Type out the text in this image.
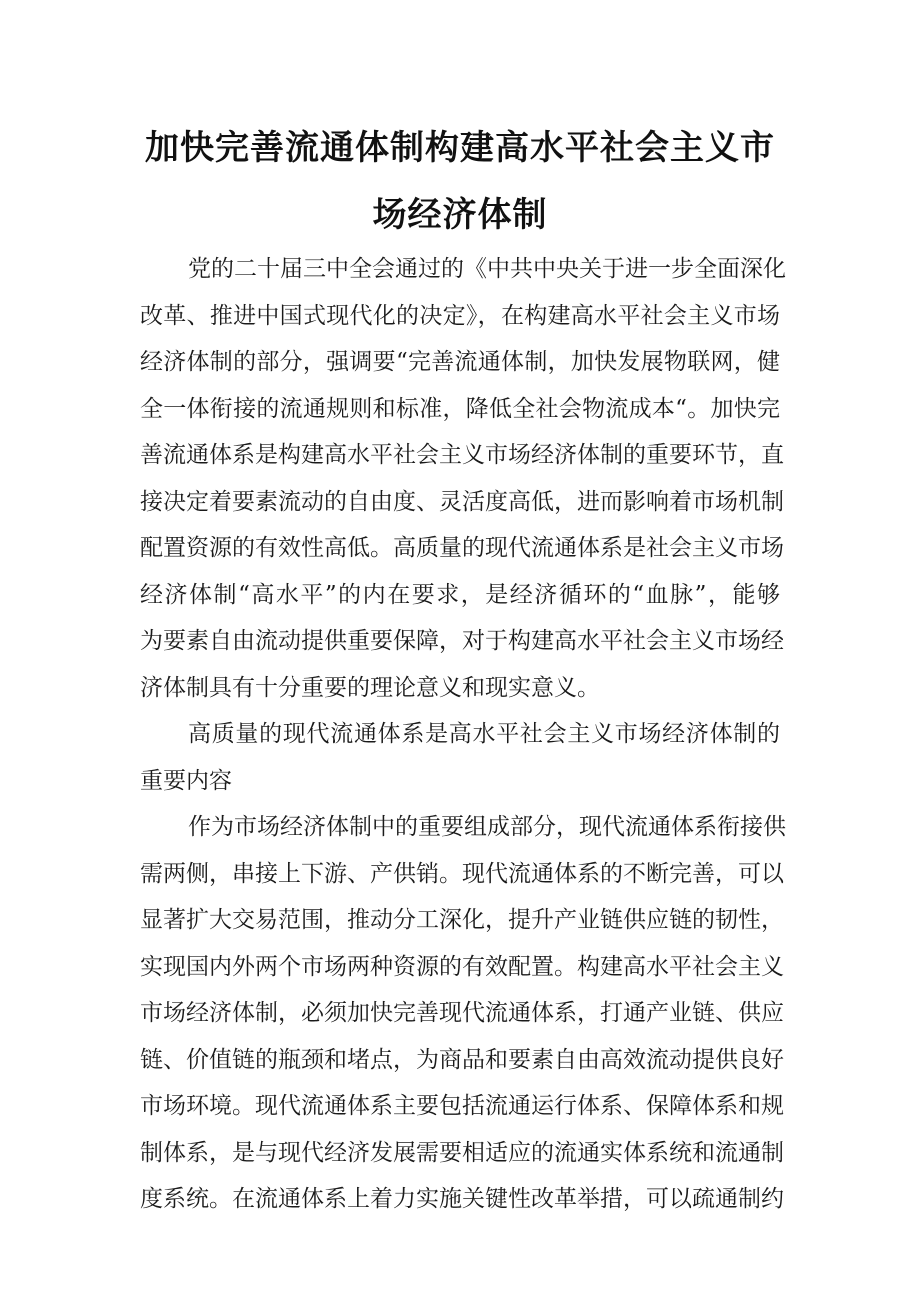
加快完善流通体制构建高水平社会主义市
场经济体制
党的二十届三中全会通过的《中共中央关于进一步全面深化
改革、推进中国式现代化的决定》，在构建高水平社会主义市场
经济体制的部分，强调要“完善流通体制，加快发展物联网，健
全一体衔接的流通规则和标准，降低全社会物流成本“。加快完
善流通体系是构建高水平社会主义市场经济体制的重要环节，直
接决定着要素流动的自由度、灵活度高低，进而影响着市场机制
配置资源的有效性高低。高质量的现代流通体系是社会主义市场
经济体制“高水平”的内在要求，是经济循环的“血脉”，能够
为要素自由流动提供重要保障，对于构建高水平社会主义市场经
济体制具有十分重要的理论意义和现实意义。
高质量的现代流通体系是高水平社会主义市场经济体制的
重要内容
作为市场经济体制中的重要组成部分，现代流通体系衔接供
需两侧，串接上下游、产供销。现代流通体系的不断完善，可以
显著扩大交易范围，推动分工深化，提升产业链供应链的韧性，
实现国内外两个市场两种资源的有效配置。构建高水平社会主义
市场经济体制，必须加快完善现代流通体系，打通产业链、供应
链、价值链的瓶颈和堵点，为商品和要素自由高效流动提供良好
市场环境。现代流通体系主要包括流通运行体系、保障体系和规
制体系，是与现代经济发展需要相适应的流通实体系统和流通制
度系统。在流通体系上着力实施关键性改革举措，可以疏通制约
